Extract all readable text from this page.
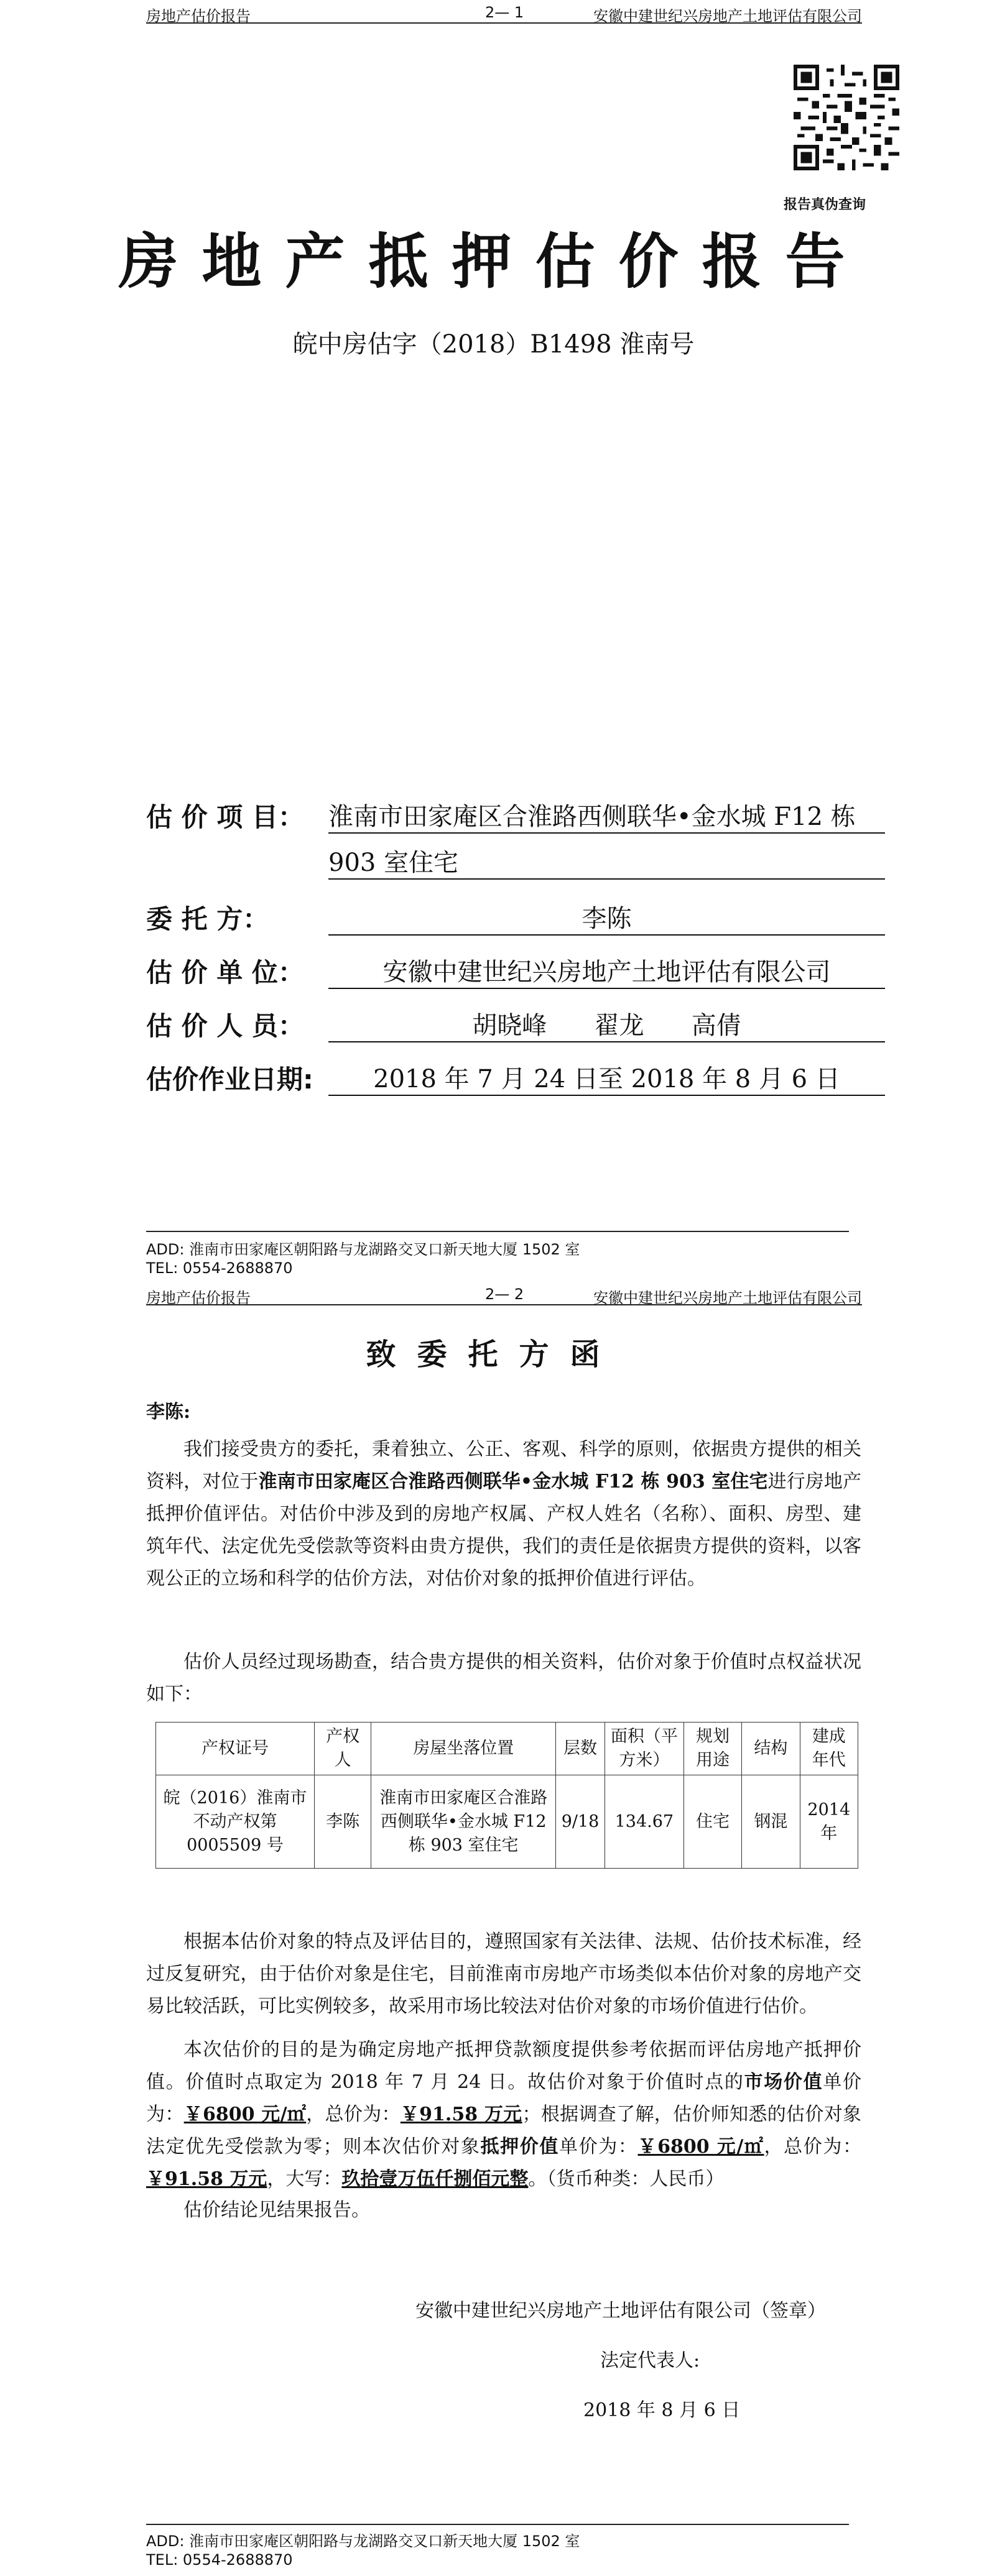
房地产估价报告	2— 1	安徽中建世纪兴房地产土地评估有限公司
报告真伪查询
房地产抵押估价报告
皖中房估字（2018）B1498 淮南号
估 价 项 目： 淮南市田家庵区合淮路西侧联华•金水城 F12 栋
903 室住宅
委 托 方：	李陈
估 价 单 位：	安徽中建世纪兴房地产土地评估有限公司
估 价 人 员：	胡晓峰      翟龙      高倩
估价作业日期:	2018 年 7 月 24 日至 2018 年 8 月 6 日
ADD: 淮南市田家庵区朝阳路与龙湖路交叉口新天地大厦 1502 室
TEL: 0554-2688870
房地产估价报告	2— 2	安徽中建世纪兴房地产土地评估有限公司
致委托方函
李陈:
我们接受贵方的委托，秉着独立、公正、客观、科学的原则，依据贵方提供的相关资料，对位于淮南市田家庵区合淮路西侧联华•金水城 F12 栋 903 室住宅进行房地产抵押价值评估。对估价中涉及到的房地产权属、产权人姓名（名称）、面积、房型、建筑年代、法定优先受偿款等资料由贵方提供，我们的责任是依据贵方提供的资料，以客观公正的立场和科学的估价方法，对估价对象的抵押价值进行评估。
估价人员经过现场勘查，结合贵方提供的相关资料，估价对象于价值时点权益状况如下：
产权证号	产权人	房屋坐落位置	层数	面积（平方米）	规划用途	结构	建成年代
皖（2016）淮南市不动产权第 0005509 号	李陈	淮南市田家庵区合淮路西侧联华•金水城 F12 栋 903 室住宅	9/18	134.67	住宅	钢混	2014 年
根据本估价对象的特点及评估目的，遵照国家有关法律、法规、估价技术标准，经过反复研究，由于估价对象是住宅，目前淮南市房地产市场类似本估价对象的房地产交易比较活跃，可比实例较多，故采用市场比较法对估价对象的市场价值进行估价。
本次估价的目的是为确定房地产抵押贷款额度提供参考依据而评估房地产抵押价值。价值时点取定为 2018 年 7 月 24 日。故估价对象于价值时点的市场价值单价为：￥6800 元/㎡，总价为：￥91.58 万元；根据调查了解，估价师知悉的估价对象法定优先受偿款为零；则本次估价对象抵押价值单价为：￥6800 元/㎡，总价为：￥91.58 万元，大写：玖拾壹万伍仟捌佰元整。（货币种类：人民币）
估价结论见结果报告。
安徽中建世纪兴房地产土地评估有限公司（签章）
法定代表人:
2018 年 8 月 6 日
ADD: 淮南市田家庵区朝阳路与龙湖路交叉口新天地大厦 1502 室
TEL: 0554-2688870
